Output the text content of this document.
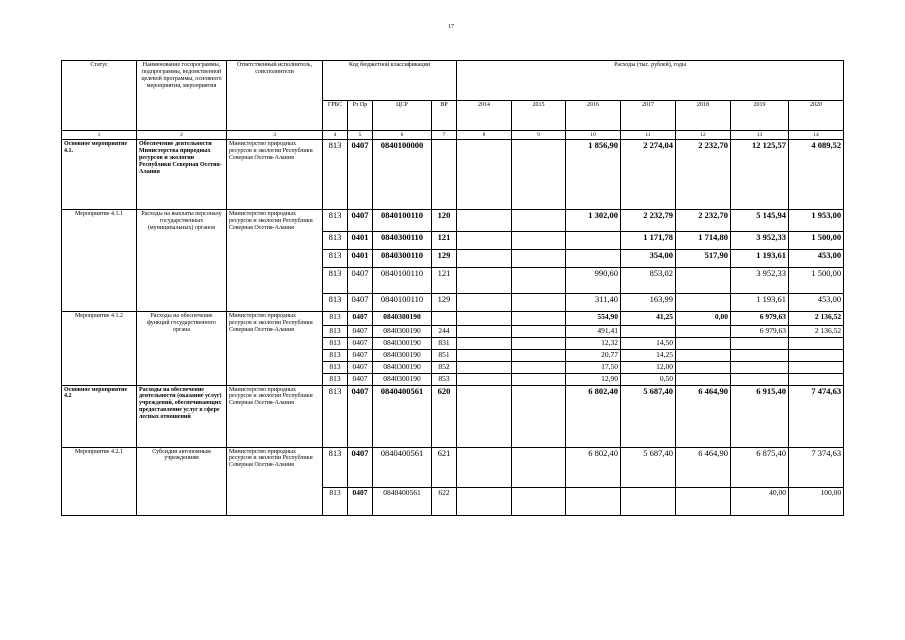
17
Статус	Наименование госпрограммы, подпрограммы, ведомственной целевой программы, основного мероприятия, мероприятия	Ответственный исполнитель, соисполнители	Код бюджетной классификации				Расходы (тыс. рублей), годы						
			ГРБС	Рз Пр	ЦСР	ВР	2014	2015	2016	2017	2018	2019	2020
1	2	3	4	5	6	7	8	9	10	11	12	13	14
Основное мероприятие 4.1.	Обеспечение деятельности Министерства природных ресурсов и экологии Республики Северная Осетия-Алания	Министерство природных ресурсов и экологии Республики Северная Осетия-Алания	813	0407	0840100000				1 856,90	2 274,04	2 232,70	12 125,57	4 089,52
Мероприятие 4.1.1	Расходы на выплаты персоналу государственных (муниципальных) органов	Министерство природных ресурсов и экологии Республики Северная Осетия-Алания	813	0407	0840100110	120			1 302,00	2 232,79	2 232,70	5 145,94	1 953,00
			813	0401	0840300110	121				1 171,78	1 714,80	3 952,33	1 500,00
			813	0401	0840300110	129				354,00	517,90	1 193,61	453,00
			813	0407	0840100110	121			990,60	853,02		3 952,33	1 500,00
			813	0407	0840100110	129			311,40	163,99		1 193,61	453,00
Мероприятие 4.1.2	Расходы на обеспечение функций государственного органа	Министерство природных ресурсов и экологии Республики Северная Осетия-Алания	813	0407	0840300190				554,90	41,25	0,00	6 979,63	2 136,52
			813	0407	0840300190	244			491,41			6 979,63	2 136,52
			813	0407	0840300190	831			12,32	14,50			
			813	0407	0840300190	851			20,77	14,25			
			813	0407	0840300190	852			17,50	12,00			
			813	0407	0840300190	853			12,90	0,50			
Основное мероприятие 4.2	Расходы на обеспечение деятельности (оказание услуг) учреждений, обеспечивающих предоставление услуг в сфере лесных отношений	Министерство природных ресурсов и экологии Республики Северная Осетия-Алания	813	0407	0840400561	620			6 802,40	5 687,40	6 464,90	6 915,40	7 474,63
Мероприятие 4.2.1	Субсидии автономным учреждениям	Министерство природных ресурсов и экологии Республики Северная Осетия-Алания	813	0407	0840400561	621			6 802,40	5 687,40	6 464,90	6 875,40	7 374,63
			813	0407	0840400561	622						40,00	100,00
